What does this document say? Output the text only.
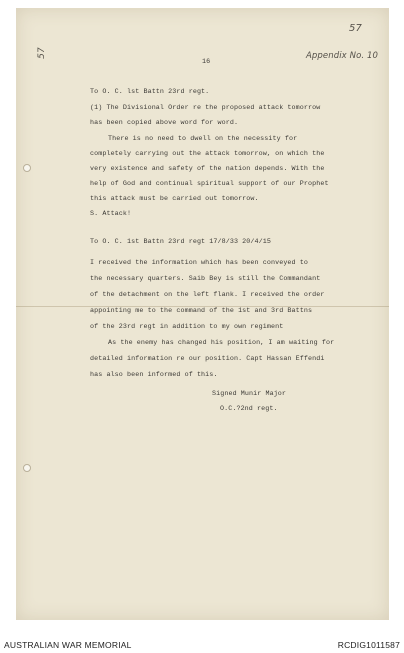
57
57	Appendix No. 10
16
To O. C. lst Battn 23rd regt.
(1) The Divisional Order re the proposed attack tomorrow
has been copied above word for word.
There is no need to dwell on the necessity for
completely carrying out the attack tomorrow, on which the
very existence and safety of the nation depends. With the
help of God and continual spiritual support of our Prophet
this attack must be carried out tomorrow.
S. Attack!
To O. C. 1st Battn 23rd regt 17/8/33 20/4/15
I received the information which has been conveyed to
the necessary quarters. Saib Bey is still the Commandant
of the detachment on the left flank. I received the order
appointing me to the command of the 1st and 3rd Battns
of the 23rd regt in addition to my own regiment
As the enemy has changed his position, I am waiting for
detailed information re our position. Capt Hassan Effendi
has also been informed of this.
Signed Munir Major
O.C.?2nd regt.
AUSTRALIAN WAR MEMORIAL	RCDIG1011587
